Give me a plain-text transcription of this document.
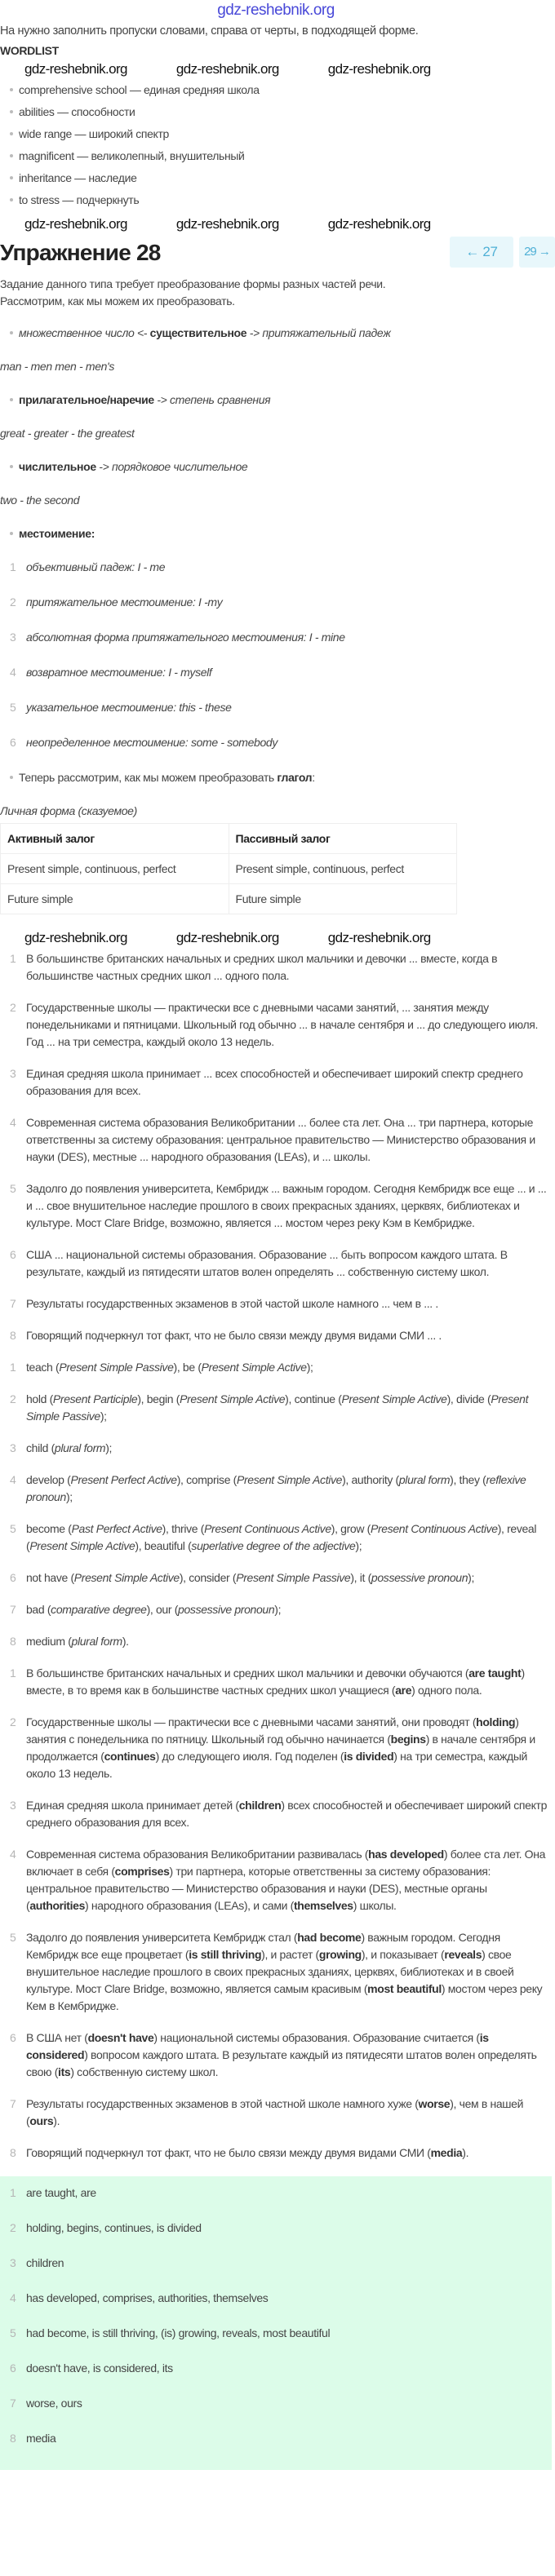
gdz-reshebnik.org
На нужно заполнить пропуски словами, справа от черты, в подходящей форме.
WORDLIST
gdz-reshebnik.org	gdz-reshebnik.org	gdz-reshebnik.org
comprehensive school — единая средняя школа
abilities — способности
wide range — широкий спектр
magnificent — великолепный, внушительный
inheritance — наследие
to stress — подчеркнуть
gdz-reshebnik.org	gdz-reshebnik.org	gdz-reshebnik.org
Упражнение 28	← 27	29 →
Задание данного типа требует преобразование формы разных частей речи.
Рассмотрим, как мы можем их преобразовать.
множественное число <- существительное -> притяжательный падеж
man - men men - men's
прилагательное/наречие -> степень сравнения
great - greater - the greatest
числительное -> порядковое числительное
two - the second
местоимение:
1 объективный падеж: I - me
2 притяжательное местоимение: I -my
3 абсолютная форма притяжательного местоимения: I - mine
4 возвратное местоимение: I - myself
5 указательное местоимение: this - these
6 неопределенное местоимение: some - somebody
Теперь рассмотрим, как мы можем преобразовать глагол:
Личная форма (сказуемое)
Активный залог	Пассивный залог
Present simple, continuous, perfect	Present simple, continuous, perfect
Future simple	Future simple
gdz-reshebnik.org	gdz-reshebnik.org	gdz-reshebnik.org
1 В большинстве британских начальных и средних школ мальчики и девочки ... вместе, когда в большинстве частных средних школ ... одного пола.
2 Государственные школы — практически все с дневными часами занятий, ... занятия между понедельниками и пятницами. Школьный год обычно ... в начале сентября и ... до следующего июля. Год ... на три семестра, каждый около 13 недель.
3 Единая средняя школа принимает ... всех способностей и обеспечивает широкий спектр среднего образования для всех.
4 Современная система образования Великобритании ... более ста лет. Она ... три партнера, которые ответственны за систему образования: центральное правительство — Министерство образования и науки (DES), местные ... народного образования (LEAs), и ... школы.
5 Задолго до появления университета, Кембридж ... важным городом. Сегодня Кембридж все еще ... и ... и ... свое внушительное наследие прошлого в своих прекрасных зданиях, церквях, библиотеках и культуре. Мост Clare Bridge, возможно, является ... мостом через реку Кэм в Кембридже.
6 США ... национальной системы образования. Образование ... быть вопросом каждого штата. В результате, каждый из пятидесяти штатов волен определять ... собственную систему школ.
7 Результаты государственных экзаменов в этой частой школе намного ... чем в ... .
8 Говорящий подчеркнул тот факт, что не было связи между двумя видами СМИ ... .
1 teach (Present Simple Passive), be (Present Simple Active);
2 hold (Present Participle), begin (Present Simple Active), continue (Present Simple Active), divide (Present Simple Passive);
3 child (plural form);
4 develop (Present Perfect Active), comprise (Present Simple Active), authority (plural form), they (reflexive pronoun);
5 become (Past Perfect Active), thrive (Present Continuous Active), grow (Present Continuous Active), reveal (Present Simple Active), beautiful (superlative degree of the adjective);
6 not have (Present Simple Active), consider (Present Simple Passive), it (possessive pronoun);
7 bad (comparative degree), our (possessive pronoun);
8 medium (plural form).
1 В большинстве британских начальных и средних школ мальчики и девочки обучаются (are taught) вместе, в то время как в большинстве частных средних школ учащиеся (are) одного пола.
2 Государственные школы — практически все с дневными часами занятий, они проводят (holding) занятия с понедельника по пятницу. Школьный год обычно начинается (begins) в начале сентября и продолжается (continues) до следующего июля. Год поделен (is divided) на три семестра, каждый около 13 недель.
3 Единая средняя школа принимает детей (children) всех способностей и обеспечивает широкий спектр среднего образования для всех.
4 Современная система образования Великобритании развивалась (has developed) более ста лет. Она включает в себя (comprises) три партнера, которые ответственны за систему образования: центральное правительство — Министерство образования и науки (DES), местные органы (authorities) народного образования (LEAs), и сами (themselves) школы.
5 Задолго до появления университета Кембридж стал (had become) важным городом. Сегодня Кембридж все еще процветает (is still thriving), и растет (growing), и показывает (reveals) свое внушительное наследие прошлого в своих прекрасных зданиях, церквях, библиотеках и в своей культуре. Мост Clare Bridge, возможно, является самым красивым (most beautiful) мостом через реку Кем в Кембридже.
6 В США нет (doesn't have) национальной системы образования. Образование считается (is considered) вопросом каждого штата. В результате каждый из пятидесяти штатов волен определять свою (its) собственную систему школ.
7 Результаты государственных экзаменов в этой частной школе намного хуже (worse), чем в нашей (ours).
8 Говорящий подчеркнул тот факт, что не было связи между двумя видами СМИ (media).
1 are taught, are
2 holding, begins, continues, is divided
3 children
4 has developed, comprises, authorities, themselves
5 had become, is still thriving, (is) growing, reveals, most beautiful
6 doesn't have, is considered, its
7 worse, ours
8 media
